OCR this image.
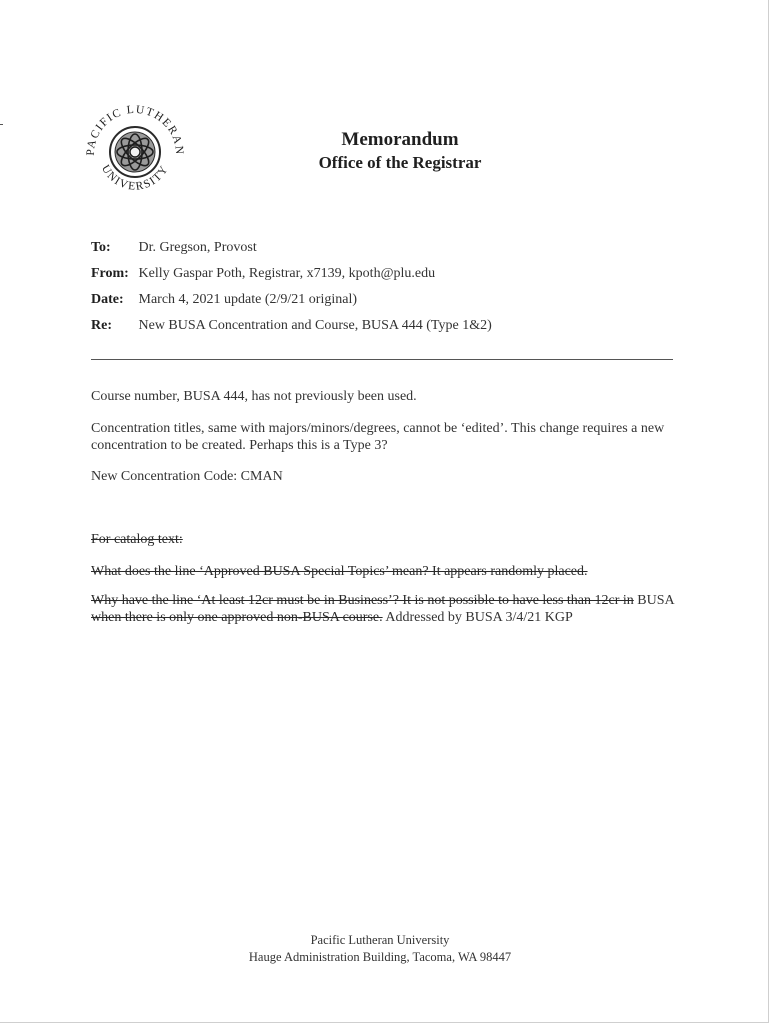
PACIFIC LUTHERAN
UNIVERSITY
Memorandum
Office of the Registrar
To: Dr. Gregson, Provost
From: Kelly Gaspar Poth, Registrar, x7139, kpoth@plu.edu
Date: March 4, 2021 update (2/9/21 original)
Re: New BUSA Concentration and Course, BUSA 444 (Type 1&2)
Course number, BUSA 444, has not previously been used.
Concentration titles, same with majors/minors/degrees, cannot be ‘edited’. This change requires a new concentration to be created. Perhaps this is a Type 3?
New Concentration Code: CMAN
For catalog text:
What does the line ‘Approved BUSA Special Topics’ mean? It appears randomly placed.
Why have the line ‘At least 12cr must be in Business’? It is not possible to have less than 12cr in BUSA when there is only one approved non-BUSA course. Addressed by BUSA 3/4/21 KGP
Pacific Lutheran University
Hauge Administration Building, Tacoma, WA 98447
